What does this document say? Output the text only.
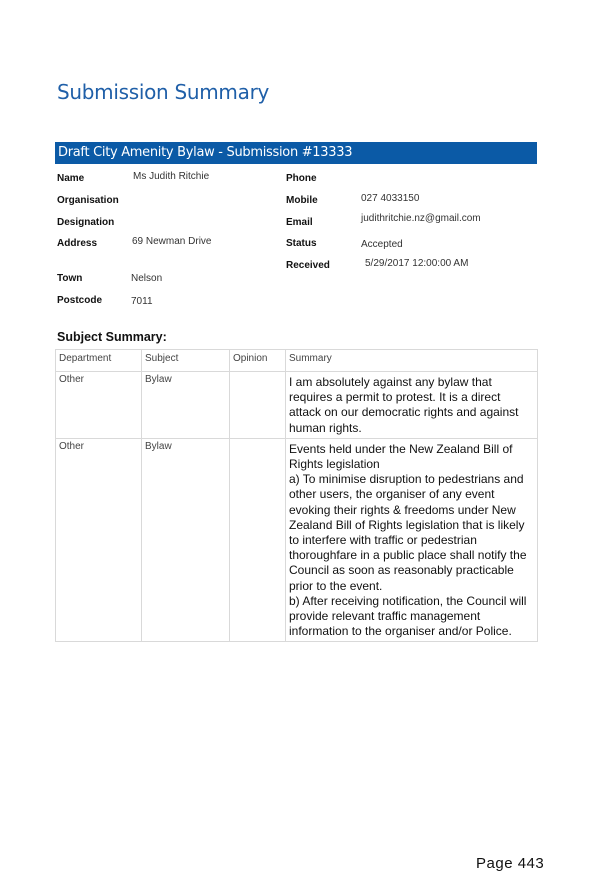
Submission Summary
Draft City Amenity Bylaw - Submission #13333
Name	Ms Judith Ritchie
Organisation
Designation
Address	69 Newman Drive
Town	Nelson
Postcode	7011
Phone
Mobile	027 4033150
Email	judithritchie.nz@gmail.com
Status	Accepted
Received	5/29/2017 12:00:00 AM
Subject Summary:
Department	Subject	Opinion	Summary
Other	Bylaw		I am absolutely against any bylaw that requires a permit to protest. It is a direct attack on our democratic rights and against human rights.
Other	Bylaw		Events held under the New Zealand Bill of Rights legislation
a) To minimise disruption to pedestrians and other users, the organiser of any event evoking their rights & freedoms under New Zealand Bill of Rights legislation that is likely to interfere with traffic or pedestrian thoroughfare in a public place shall notify the Council as soon as reasonably practicable prior to the event.
b) After receiving notification, the Council will provide relevant traffic management information to the organiser and/or Police.
Page 443
